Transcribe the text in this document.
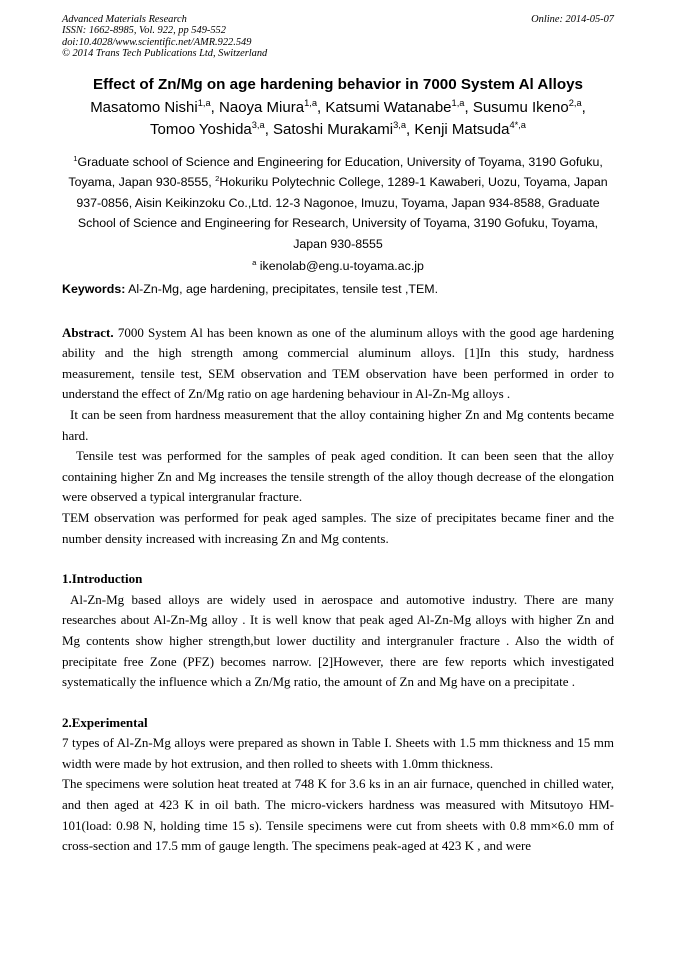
Advanced Materials Research	Online: 2014-05-07
ISSN: 1662-8985, Vol. 922, pp 549-552
doi:10.4028/www.scientific.net/AMR.922.549
© 2014 Trans Tech Publications Ltd, Switzerland
Effect of Zn/Mg on age hardening behavior in 7000 System Al Alloys
Masatomo Nishi$^{1,a}$, Naoya Miura$^{1,a}$, Katsumi Watanabe$^{1,a}$, Susumu Ikeno$^{2,a}$,
Tomoo Yoshida$^{3,a}$, Satoshi Murakami$^{3,a}$, Kenji Matsuda$^{4*,a}$
$^1$Graduate school of Science and Engineering for Education, University of Toyama, 3190 Gofuku, Toyama, Japan 930-8555, $^2$Hokuriku Polytechnic College, 1289-1 Kawaberi, Uozu, Toyama, Japan 937-0856, Aisin Keikinzoku Co.,Ltd. 12-3 Nagonoe, Imuzu, Toyama, Japan 934-8588, Graduate School of Science and Engineering for Research, University of Toyama, 3190 Gofuku, Toyama, Japan 930-8555
$^a$ ikenolab@eng.u-toyama.ac.jp
Keywords: Al-Zn-Mg, age hardening, precipitates, tensile test ,TEM.

Abstract. 7000 System Al has been known as one of the aluminum alloys with the good age hardening ability and the high strength among commercial aluminum alloys. [1]In this study, hardness measurement, tensile test, SEM observation and TEM observation have been performed in order to understand the effect of Zn/Mg ratio on age hardening behaviour in Al-Zn-Mg alloys .

It can be seen from hardness measurement that the alloy containing higher Zn and Mg contents became hard.

Tensile test was performed for the samples of peak aged condition. It can been seen that the alloy containing higher Zn and Mg increases the tensile strength of the alloy though decrease of the elongation were observed a typical intergranular fracture.

TEM observation was performed for peak aged samples. The size of precipitates became finer and the number density increased with increasing Zn and Mg contents.

1.Introduction

Al-Zn-Mg based alloys are widely used in aerospace and automotive industry. There are many researches about Al-Zn-Mg alloy . It is well know that peak aged Al-Zn-Mg alloys with higher Zn and Mg contents show higher strength,but lower ductility and intergranuler fracture . Also the width of precipitate free Zone (PFZ) becomes narrow. [2]However, there are few reports which investigated systematically the influence which a Zn/Mg ratio, the amount of Zn and Mg have on a precipitate .

2.Experimental

7 types of Al-Zn-Mg alloys were prepared as shown in Table I. Sheets with 1.5 mm thickness and 15 mm width were made by hot extrusion, and then rolled to sheets with 1.0mm thickness.

The specimens were solution heat treated at 748 K for 3.6 ks in an air furnace, quenched in chilled water, and then aged at 423 K in oil bath. The micro-vickers hardness was measured with Mitsutoyo HM-101(load: 0.98 N, holding time 15 s). Tensile specimens were cut from sheets with 0.8 mm×6.0 mm of cross-section and 17.5 mm of gauge length. The specimens peak-aged at 423 K , and were
